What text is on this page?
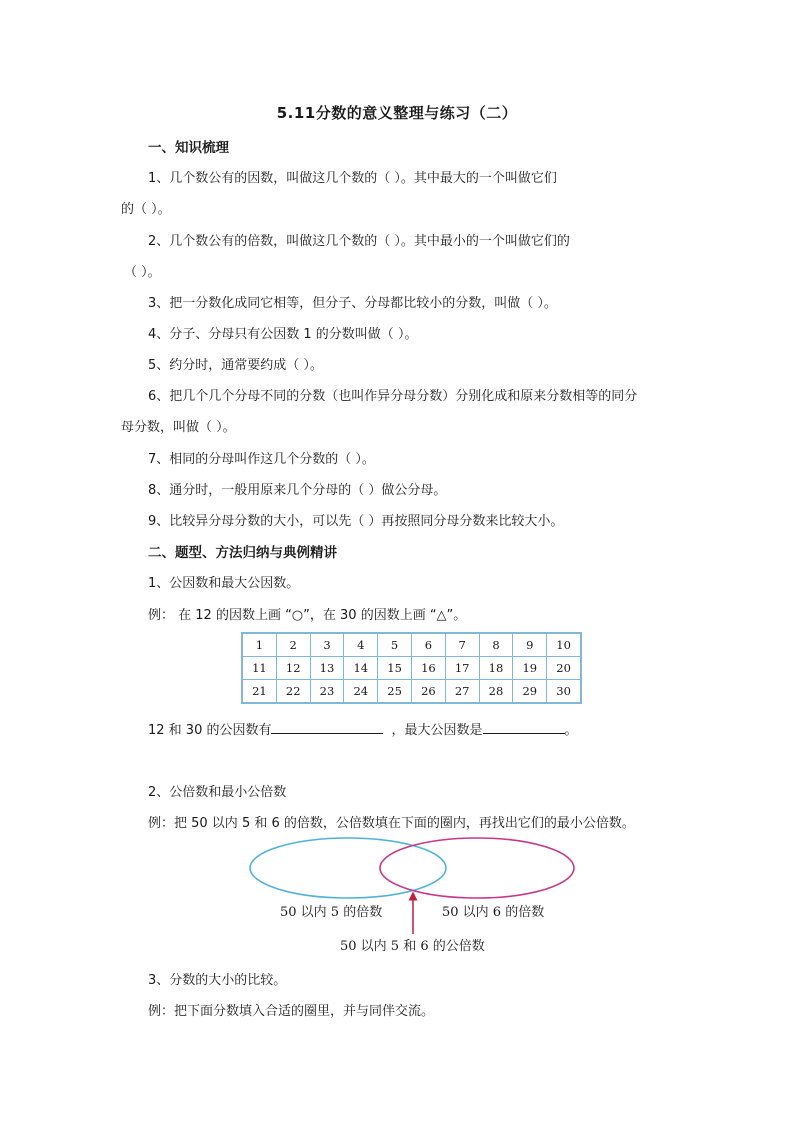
5.11分数的意义整理与练习（二）
一、知识梳理
1、几个数公有的因数，叫做这几个数的（ ）。其中最大的一个叫做它们
的（ ）。
2、几个数公有的倍数，叫做这几个数的（ ）。其中最小的一个叫做它们的
（ ）。
3、把一分数化成同它相等，但分子、分母都比较小的分数，叫做（ ）。
4、分子、分母只有公因数 1 的分数叫做（ ）。
5、约分时，通常要约成（ ）。
6、把几个几个分母不同的分数（也叫作异分母分数）分别化成和原来分数相等的同分
母分数，叫做（ ）。
7、相同的分母叫作这几个分数的（ ）。
8、通分时，一般用原来几个分母的（ ）做公分母。
9、比较异分母分数的大小，可以先（ ）再按照同分母分数来比较大小。
二、题型、方法归纳与典例精讲
1、公因数和最大公因数。
例： 在 12 的因数上画 “○”，在 30 的因数上画 “△”。
1	2	3	4	5	6	7	8	9	10
11	12	13	14	15	16	17	18	19	20
21	22	23	24	25	26	27	28	29	30
12 和 30 的公因数有	，最大公因数是	。
2、公倍数和最小公倍数
例：把 50 以内 5 和 6 的倍数，公倍数填在下面的圈内，再找出它们的最小公倍数。
50 以内 5 的倍数	50 以内 6 的倍数
50 以内 5 和 6 的公倍数
3、分数的大小的比较。
例：把下面分数填入合适的圈里，并与同伴交流。
